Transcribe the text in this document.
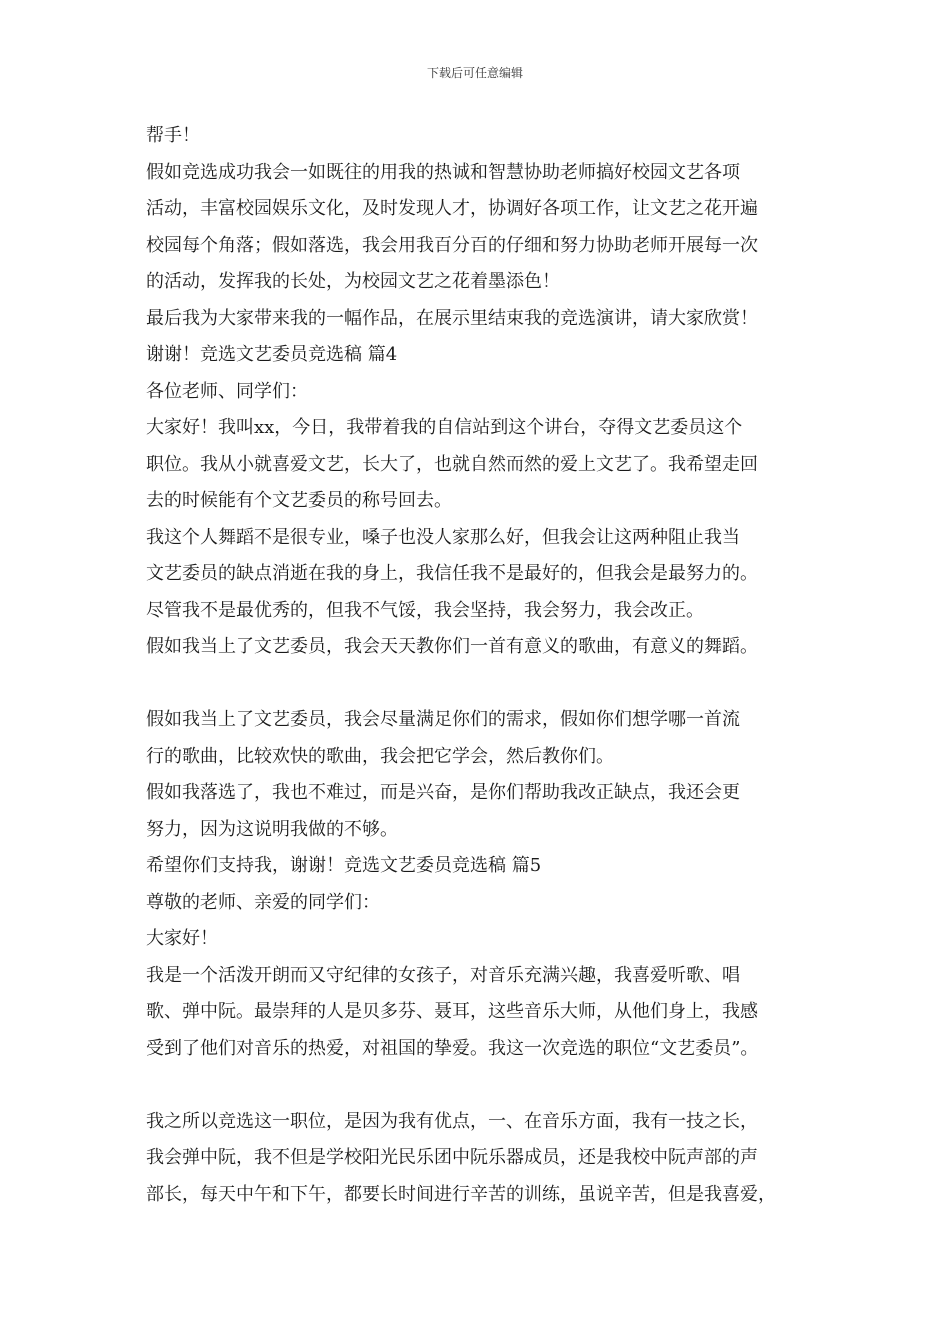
下载后可任意编辑
帮手！
假如竞选成功我会一如既往的用我的热诚和智慧协助老师搞好校园文艺各项
活动，丰富校园娱乐文化，及时发现人才，协调好各项工作，让文艺之花开遍
校园每个角落；假如落选，我会用我百分百的仔细和努力协助老师开展每一次
的活动，发挥我的长处，为校园文艺之花着墨添色！
最后我为大家带来我的一幅作品，在展示里结束我的竞选演讲，请大家欣赏！
谢谢！竞选文艺委员竞选稿 篇4
各位老师、同学们：
大家好！我叫xx，今日，我带着我的自信站到这个讲台，夺得文艺委员这个
职位。我从小就喜爱文艺，长大了，也就自然而然的爱上文艺了。我希望走回
去的时候能有个文艺委员的称号回去。
我这个人舞蹈不是很专业，嗓子也没人家那么好，但我会让这两种阻止我当
文艺委员的缺点消逝在我的身上，我信任我不是最好的，但我会是最努力的。
尽管我不是最优秀的，但我不气馁，我会坚持，我会努力，我会改正。
假如我当上了文艺委员，我会天天教你们一首有意义的歌曲，有意义的舞蹈。
假如我当上了文艺委员，我会尽量满足你们的需求，假如你们想学哪一首流
行的歌曲，比较欢快的歌曲，我会把它学会，然后教你们。
假如我落选了，我也不难过，而是兴奋，是你们帮助我改正缺点，我还会更
努力，因为这说明我做的不够。
希望你们支持我，谢谢！竞选文艺委员竞选稿 篇5
尊敬的老师、亲爱的同学们：
大家好！
我是一个活泼开朗而又守纪律的女孩子，对音乐充满兴趣，我喜爱听歌、唱
歌、弹中阮。最崇拜的人是贝多芬、聂耳，这些音乐大师，从他们身上，我感
受到了他们对音乐的热爱，对祖国的挚爱。我这一次竞选的职位“文艺委员”。
我之所以竞选这一职位，是因为我有优点，一、在音乐方面，我有一技之长，
我会弹中阮，我不但是学校阳光民乐团中阮乐器成员，还是我校中阮声部的声
部长，每天中午和下午，都要长时间进行辛苦的训练，虽说辛苦，但是我喜爱，
